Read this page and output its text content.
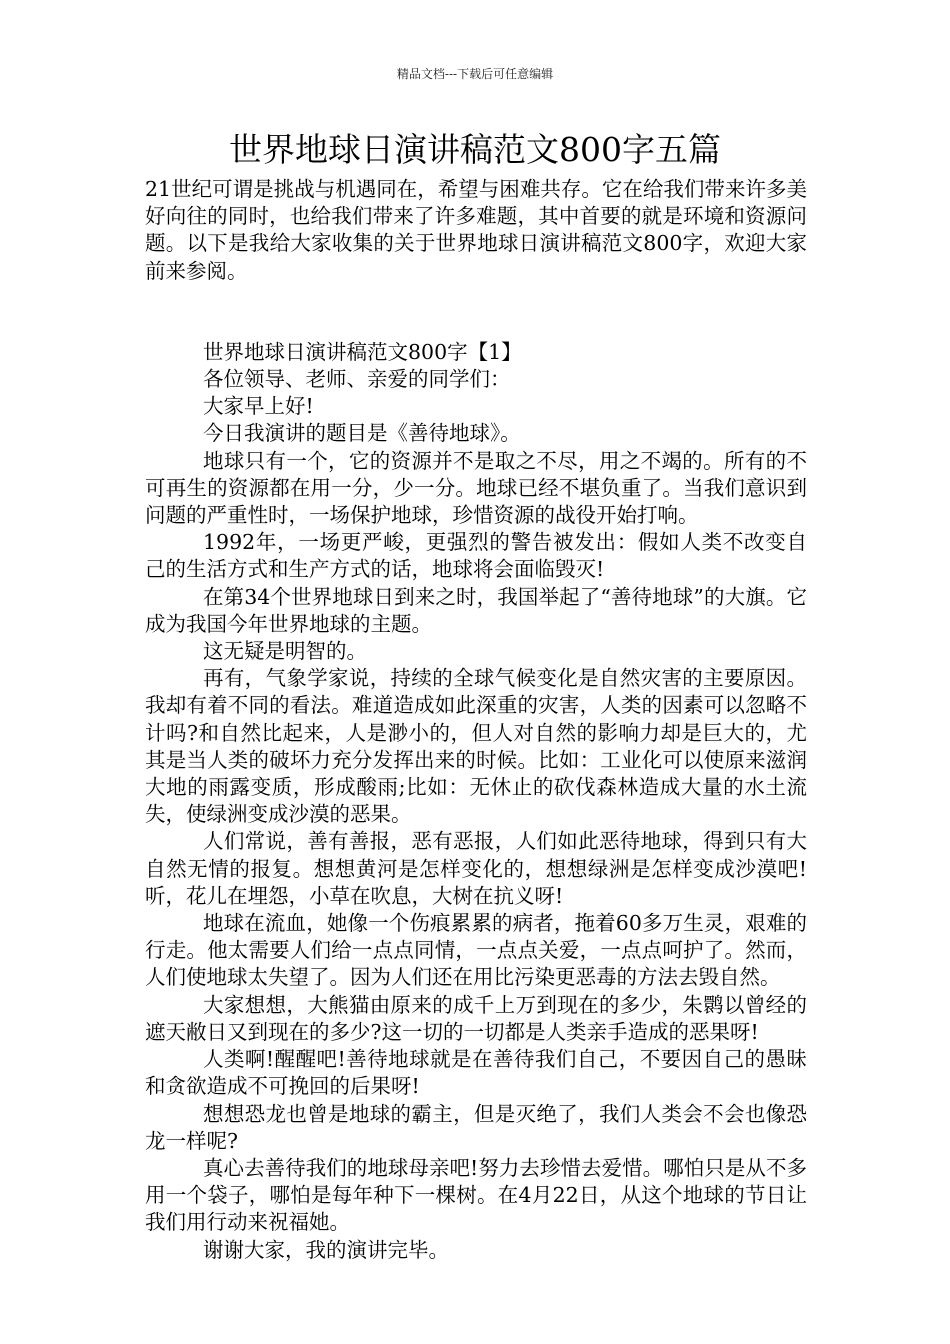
精品文档---下载后可任意编辑
世界地球日演讲稿范文800字五篇

21世纪可谓是挑战与机遇同在，希望与困难共存。它在给我们带来许多美好向往的同时，也给我们带来了许多难题，其中首要的就是环境和资源问题。以下是我给大家收集的关于世界地球日演讲稿范文800字，欢迎大家前来参阅。

世界地球日演讲稿范文800字【1】

各位领导、老师、亲爱的同学们：

大家早上好!

今日我演讲的题目是《善待地球》。

地球只有一个，它的资源并不是取之不尽，用之不竭的。所有的不可再生的资源都在用一分，少一分。地球已经不堪负重了。当我们意识到问题的严重性时，一场保护地球，珍惜资源的战役开始打响。

1992年，一场更严峻，更强烈的警告被发出：假如人类不改变自己的生活方式和生产方式的话，地球将会面临毁灭!

在第34个世界地球日到来之时，我国举起了“善待地球”的大旗。它成为我国今年世界地球的主题。

这无疑是明智的。

再有，气象学家说，持续的全球气候变化是自然灾害的主要原因。我却有着不同的看法。难道造成如此深重的灾害，人类的因素可以忽略不计吗?和自然比起来，人是渺小的，但人对自然的影响力却是巨大的，尤其是当人类的破坏力充分发挥出来的时候。比如：工业化可以使原来滋润大地的雨露变质，形成酸雨;比如：无休止的砍伐森林造成大量的水土流失，使绿洲变成沙漠的恶果。

人们常说，善有善报，恶有恶报，人们如此恶待地球，得到只有大自然无情的报复。想想黄河是怎样变化的，想想绿洲是怎样变成沙漠吧!听，花儿在埋怨，小草在吹息，大树在抗义呀!

地球在流血，她像一个伤痕累累的病者，拖着60多万生灵，艰难的行走。他太需要人们给一点点同情，一点点关爱，一点点呵护了。然而，人们使地球太失望了。因为人们还在用比污染更恶毒的方法去毁自然。

大家想想，大熊猫由原来的成千上万到现在的多少，朱鹮以曾经的遮天敝日又到现在的多少?这一切的一切都是人类亲手造成的恶果呀!

人类啊!醒醒吧!善待地球就是在善待我们自己，不要因自己的愚昧和贪欲造成不可挽回的后果呀!

想想恐龙也曾是地球的霸主，但是灭绝了，我们人类会不会也像恐龙一样呢?

真心去善待我们的地球母亲吧!努力去珍惜去爱惜。哪怕只是从不多用一个袋子，哪怕是每年种下一棵树。在4月22日，从这个地球的节日让我们用行动来祝福她。

谢谢大家，我的演讲完毕。
